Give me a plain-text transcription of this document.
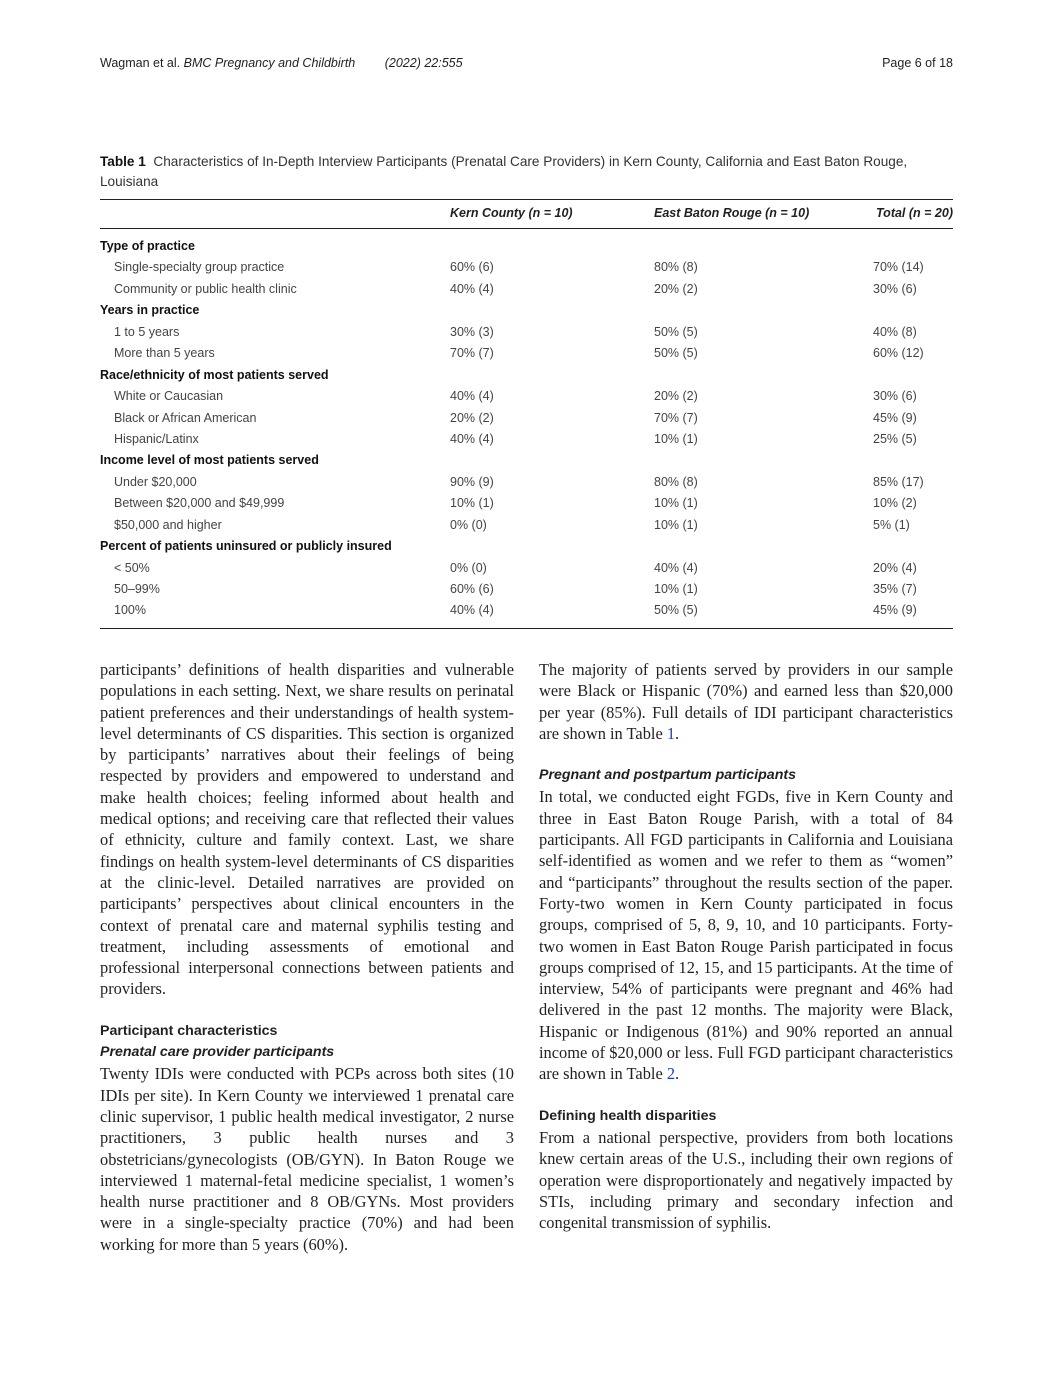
Wagman et al. BMC Pregnancy and Childbirth (2022) 22:555	Page 6 of 18
Table 1 Characteristics of In-Depth Interview Participants (Prenatal Care Providers) in Kern County, California and East Baton Rouge, Louisiana
Kern County (n = 10)	East Baton Rouge (n = 10)	Total (n = 20)
Type of practice
Single-specialty group practice	60% (6)	80% (8)	70% (14)
Community or public health clinic	40% (4)	20% (2)	30% (6)
Years in practice
1 to 5 years	30% (3)	50% (5)	40% (8)
More than 5 years	70% (7)	50% (5)	60% (12)
Race/ethnicity of most patients served
White or Caucasian	40% (4)	20% (2)	30% (6)
Black or African American	20% (2)	70% (7)	45% (9)
Hispanic/Latinx	40% (4)	10% (1)	25% (5)
Income level of most patients served
Under $20,000	90% (9)	80% (8)	85% (17)
Between $20,000 and $49,999	10% (1)	10% (1)	10% (2)
$50,000 and higher	0% (0)	10% (1)	5% (1)
Percent of patients uninsured or publicly insured
< 50%	0% (0)	40% (4)	20% (4)
50–99%	60% (6)	10% (1)	35% (7)
100%	40% (4)	50% (5)	45% (9)

participants’ definitions of health disparities and vulnerable populations in each setting. Next, we share results on perinatal patient preferences and their understandings of health system-level determinants of CS disparities. This section is organized by participants’ narratives about their feelings of being respected by providers and empowered to understand and make health choices; feeling informed about health and medical options; and receiving care that reflected their values of ethnicity, culture and family context. Last, we share findings on health system-level determinants of CS disparities at the clinic-level. Detailed narratives are provided on participants’ perspectives about clinical encounters in the context of prenatal care and maternal syphilis testing and treatment, including assessments of emotional and professional interpersonal connections between patients and providers.

Participant characteristics
Prenatal care provider participants

Twenty IDIs were conducted with PCPs across both sites (10 IDIs per site). In Kern County we interviewed 1 prenatal care clinic supervisor, 1 public health medical investigator, 2 nurse practitioners, 3 public health nurses and 3 obstetricians/gynecologists (OB/GYN). In Baton Rouge we interviewed 1 maternal-fetal medicine specialist, 1 women’s health nurse practitioner and 8 OB/GYNs. Most providers were in a single-specialty practice (70%) and had been working for more than 5 years (60%).

The majority of patients served by providers in our sample were Black or Hispanic (70%) and earned less than $20,000 per year (85%). Full details of IDI participant characteristics are shown in Table 1.

Pregnant and postpartum participants

In total, we conducted eight FGDs, five in Kern County and three in East Baton Rouge Parish, with a total of 84 participants. All FGD participants in California and Louisiana self-identified as women and we refer to them as “women” and “participants” throughout the results section of the paper. Forty-two women in Kern County participated in focus groups, comprised of 5, 8, 9, 10, and 10 participants. Forty-two women in East Baton Rouge Parish participated in focus groups comprised of 12, 15, and 15 participants. At the time of interview, 54% of participants were pregnant and 46% had delivered in the past 12 months. The majority were Black, Hispanic or Indigenous (81%) and 90% reported an annual income of $20,000 or less. Full FGD participant characteristics are shown in Table 2.

Defining health disparities

From a national perspective, providers from both locations knew certain areas of the U.S., including their own regions of operation were disproportionately and negatively impacted by STIs, including primary and secondary infection and congenital transmission of syphilis.
